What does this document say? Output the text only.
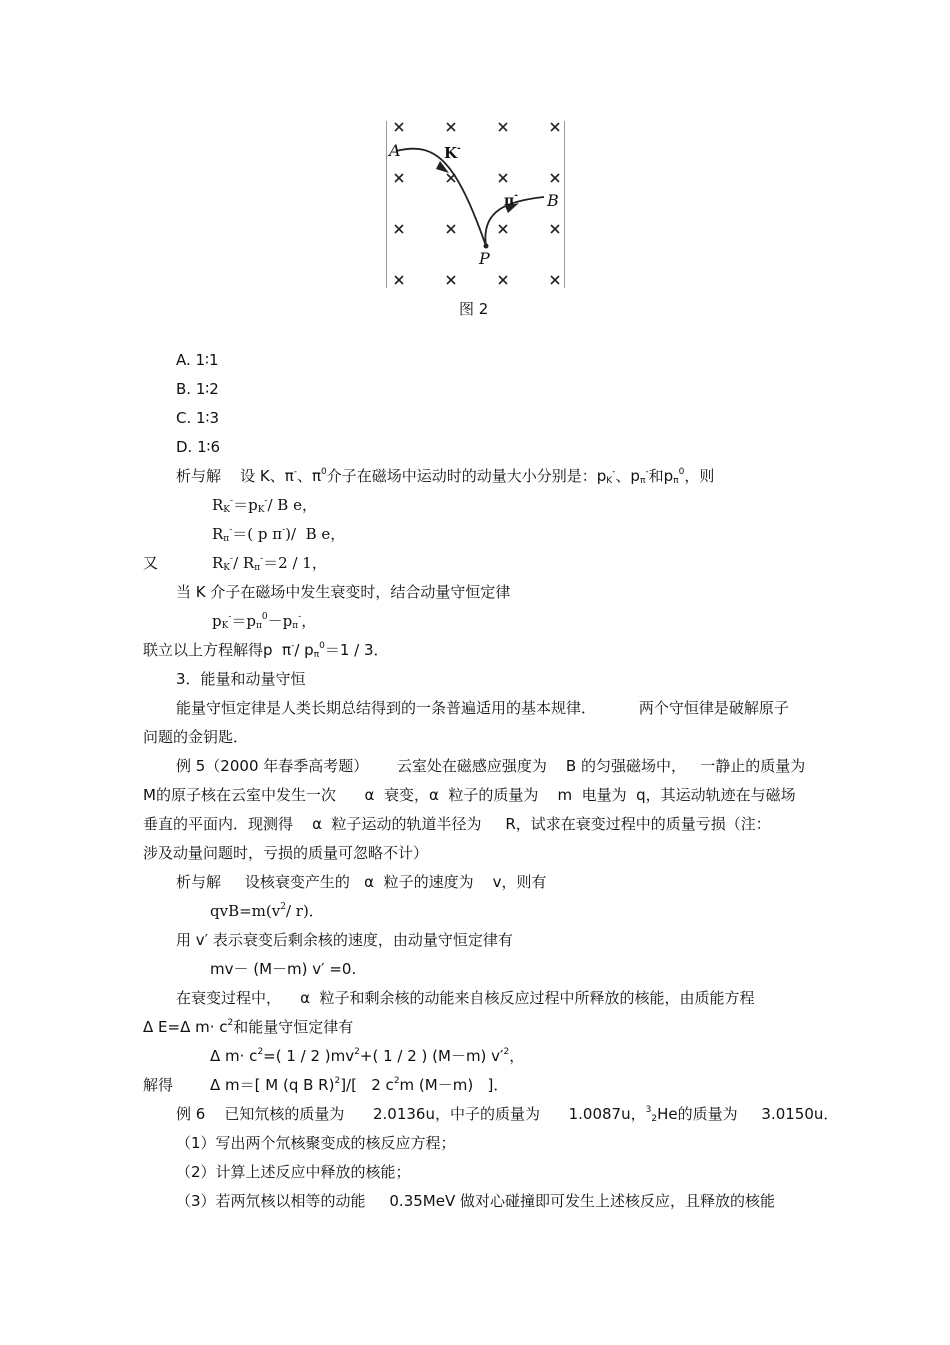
A	K-
π- B
P
图 2
A. 1∶1
B. 1∶2
C. 1∶3
D. 1∶6
析与解    设 K、π-、$\pi^0$介子在磁场中运动时的动量大小分别是：$p_K^-$、$p_\pi^-$和$p_\pi^0$，则
$R_K^-=p_K^-/$ B e，
$R_\pi^-=$( p π-)/  B e，
又	$R_K^-/$ $R_\pi^-=2 / 1$，
当 K 介子在磁场中发生衰变时，结合动量守恒定律
$p_K^-=p_\pi^0-p_\pi^-$，
联立以上方程解得p  π-/ $p_\pi^0=1 / 3$．
3．能量和动量守恒
能量守恒定律是人类长期总结得到的一条普遍适用的基本规律．         两个守恒律是破解原子
问题的金钥匙．
例 5（2000 年春季高考题）      云室处在磁感应强度为    B 的匀强磁场中，   一静止的质量为
M的原子核在云室中发生一次      α  衰变，α  粒子的质量为    m  电量为  q，其运动轨迹在与磁场
垂直的平面内．现测得    α  粒子运动的轨道半径为     R，试求在衰变过程中的质量亏损（注：
涉及动量问题时，亏损的质量可忽略不计）
析与解     设核衰变产生的   α  粒子的速度为    v，则有
$qvB=m(v^2/$ r)．
用 v′ 表示衰变后剩余核的速度，由动量守恒定律有
mv－ (M－m) v′ =0.
在衰变过程中，    α  粒子和剩余核的动能来自核反应过程中所释放的核能，由质能方程
Δ E=Δ $m\cdot c^2$和能量守恒定律有
Δ $m\cdot c^2=$( 1 / 2 )$mv^2+$( 1 / 2 ) (M－m) $v'^2$，
解得 Δ m＝[ M (q B R)$^2$]/[   2 $c^2m$ (M－m)   ]．
例 6    已知氘核的质量为      2.0136u，中子的质量为      1.0087u，$^3_2$He的质量为     3.0150u．
（1）写出两个氘核聚变成的核反应方程；
（2）计算上述反应中释放的核能；
（3）若两氘核以相等的动能     0.35MeV 做对心碰撞即可发生上述核反应，且释放的核能
